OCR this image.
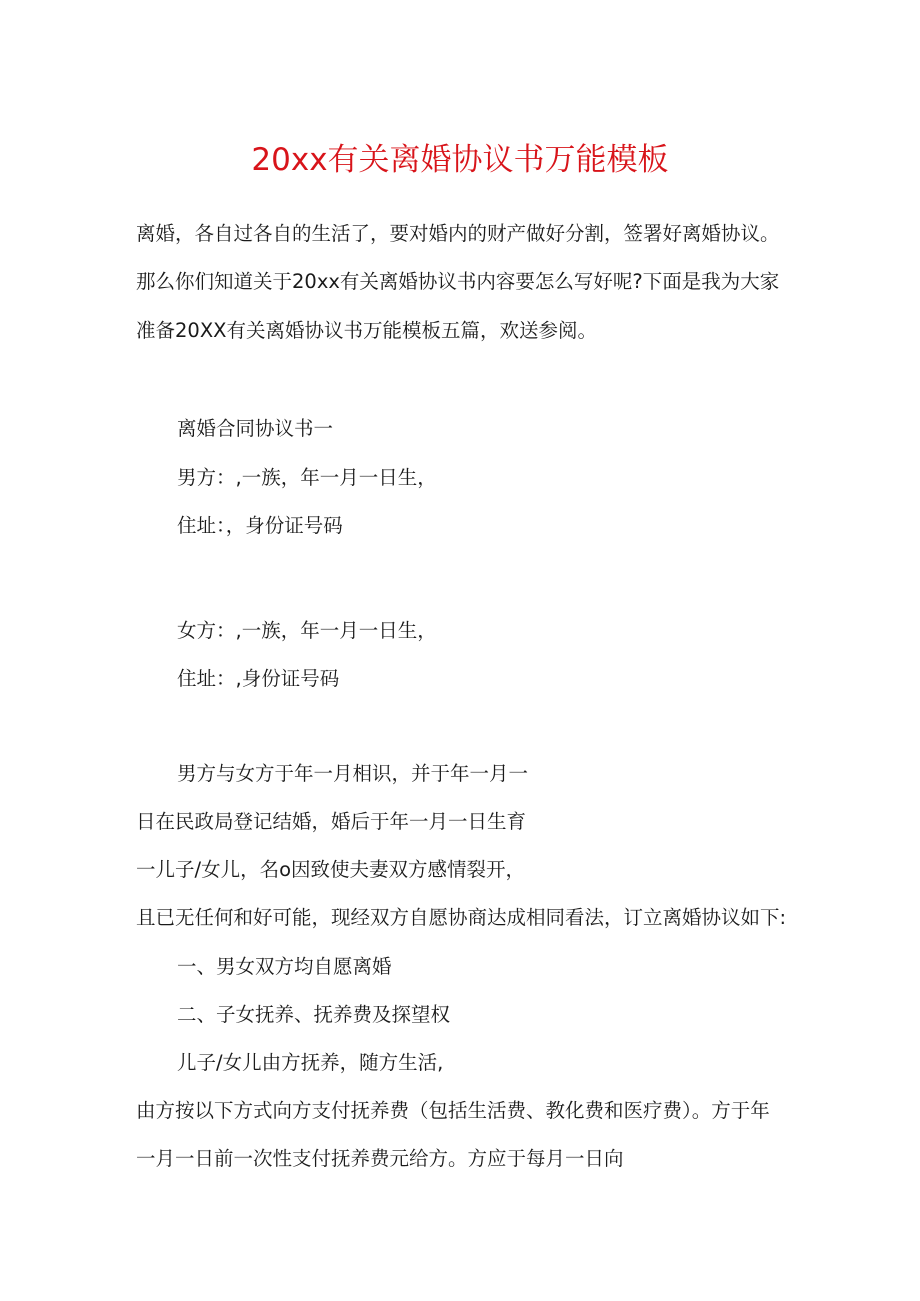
20xx有关离婚协议书万能模板
离婚，各自过各自的生活了，要对婚内的财产做好分割，签署好离婚协议。
那么你们知道关于20xx有关离婚协议书内容要怎么写好呢?下面是我为大家
准备20XX有关离婚协议书万能模板五篇，欢送参阅。
离婚合同协议书一
男方：,一族，年一月一日生，
住址：，身份证号码
女方：,一族，年一月一日生，
住址：,身份证号码
男方与女方于年一月相识，并于年一月一
日在民政局登记结婚，婚后于年一月一日生育
一儿子/女儿，名o因致使夫妻双方感情裂开，
且已无任何和好可能，现经双方自愿协商达成相同看法，订立离婚协议如下:
一、男女双方均自愿离婚
二、子女抚养、抚养费及探望权
儿子/女儿由方抚养，随方生活,
由方按以下方式向方支付抚养费（包括生活费、教化费和医疗费）。方于年
一月一日前一次性支付抚养费元给方。方应于每月一日向
